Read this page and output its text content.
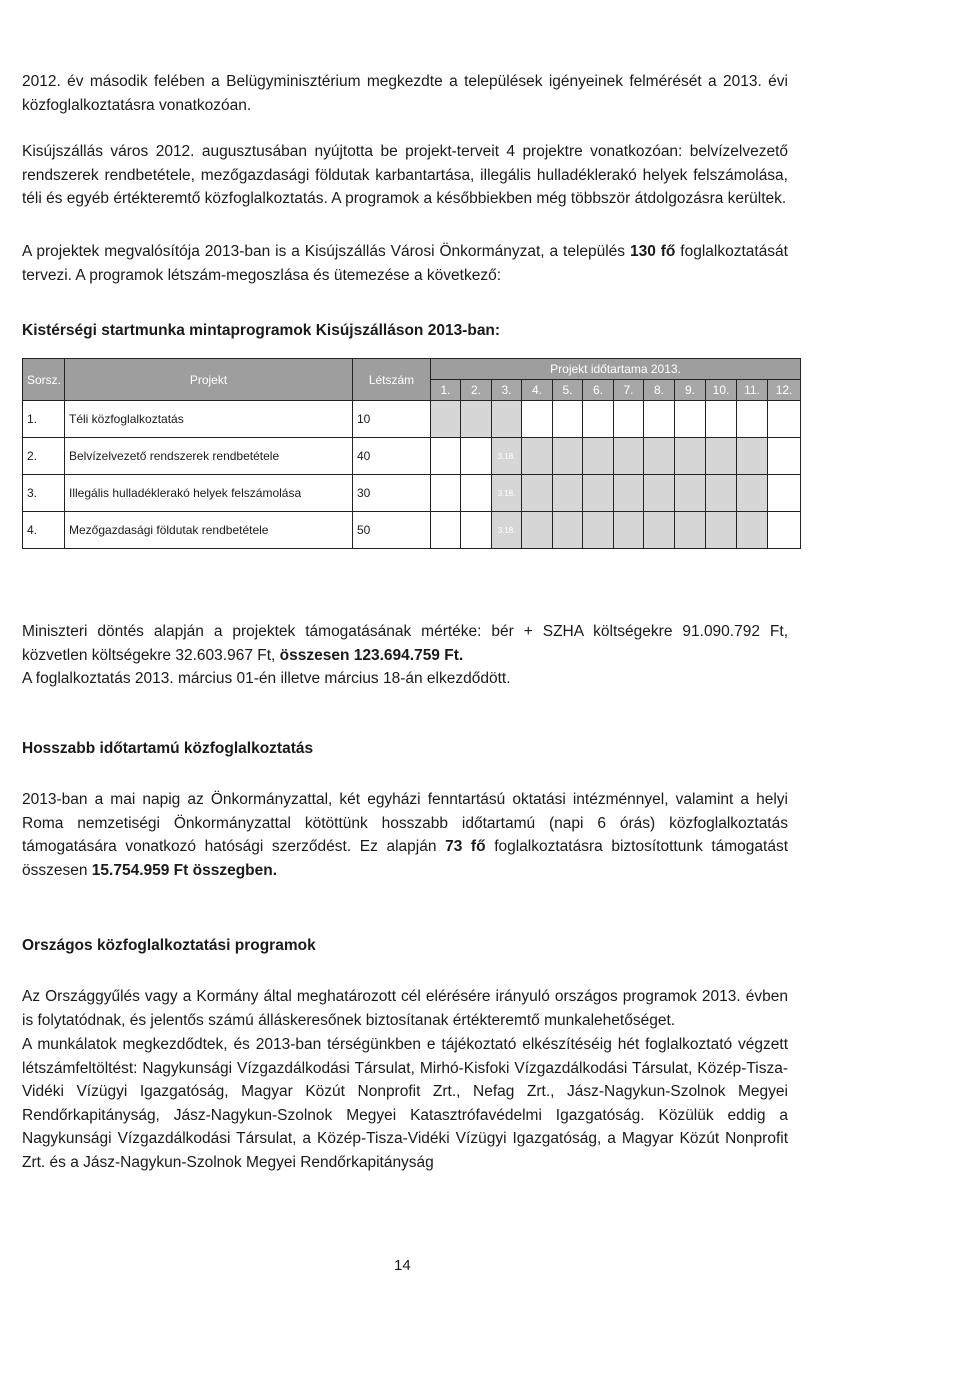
2012. év második felében a Belügyminisztérium megkezdte a települések igényeinek felmérését a 2013. évi közfoglalkoztatásra vonatkozóan.
Kisújszállás város 2012. augusztusában nyújtotta be projekt-terveit 4 projektre vonatkozóan: belvízelvezető rendszerek rendbetétele, mezőgazdasági földutak karbantartása, illegális hulladéklerakó helyek felszámolása, téli és egyéb értékteremtő közfoglalkoztatás. A programok a későbbiekben még többször átdolgozásra kerültek.
A projektek megvalósítója 2013-ban is a Kisújszállás Városi Önkormányzat, a település 130 fő foglalkoztatását tervezi. A programok létszám-megoszlása és ütemezése a következő:
Kistérségi startmunka mintaprogramok Kisújszálláson 2013-ban:
Sorsz.	Projekt	Létszám	Projekt időtartama 2013.											
			1.	2.	3.	4.	5.	6.	7.	8.	9.	10.	11.	12.
1.	Téli közfoglalkoztatás	10												
2.	Belvízelvezető rendszerek rendbetétele	40			3.18.									
3.	Illegális hulladéklerakó helyek felszámolása	30			3.18.									
4.	Mezőgazdasági földutak rendbetétele	50			3.18.									
Miniszteri döntés alapján a projektek támogatásának mértéke: bér + SZHA költségekre 91.090.792 Ft, közvetlen költségekre 32.603.967 Ft, összesen 123.694.759 Ft.
A foglalkoztatás 2013. március 01-én illetve március 18-án elkezdődött.
Hosszabb időtartamú közfoglalkoztatás
2013-ban a mai napig az Önkormányzattal, két egyházi fenntartású oktatási intézménnyel, valamint a helyi Roma nemzetiségi Önkormányzattal kötöttünk hosszabb időtartamú (napi 6 órás) közfoglalkoztatás támogatására vonatkozó hatósági szerződést. Ez alapján 73 fő foglalkoztatásra biztosítottunk támogatást összesen 15.754.959 Ft összegben.
Országos közfoglalkoztatási programok
Az Országgyűlés vagy a Kormány által meghatározott cél elérésére irányuló országos programok 2013. évben is folytatódnak, és jelentős számú álláskeresőnek biztosítanak értékteremtő munkalehetőséget.
A munkálatok megkezdődtek, és 2013-ban térségünkben e tájékoztató elkészítéséig hét foglalkoztató végzett létszámfeltöltést: Nagykunsági Vízgazdálkodási Társulat, Mirhó-Kisfoki Vízgazdálkodási Társulat, Közép-Tisza-Vidéki Vízügyi Igazgatóság, Magyar Közút Nonprofit Zrt., Nefag Zrt., Jász-Nagykun-Szolnok Megyei Rendőrkapitányság, Jász-Nagykun-Szolnok Megyei Katasztrófavédelmi Igazgatóság. Közülük eddig a Nagykunsági Vízgazdálkodási Társulat, a Közép-Tisza-Vidéki Vízügyi Igazgatóság, a Magyar Közút Nonprofit Zrt. és a Jász-Nagykun-Szolnok Megyei Rendőrkapitányság
14
